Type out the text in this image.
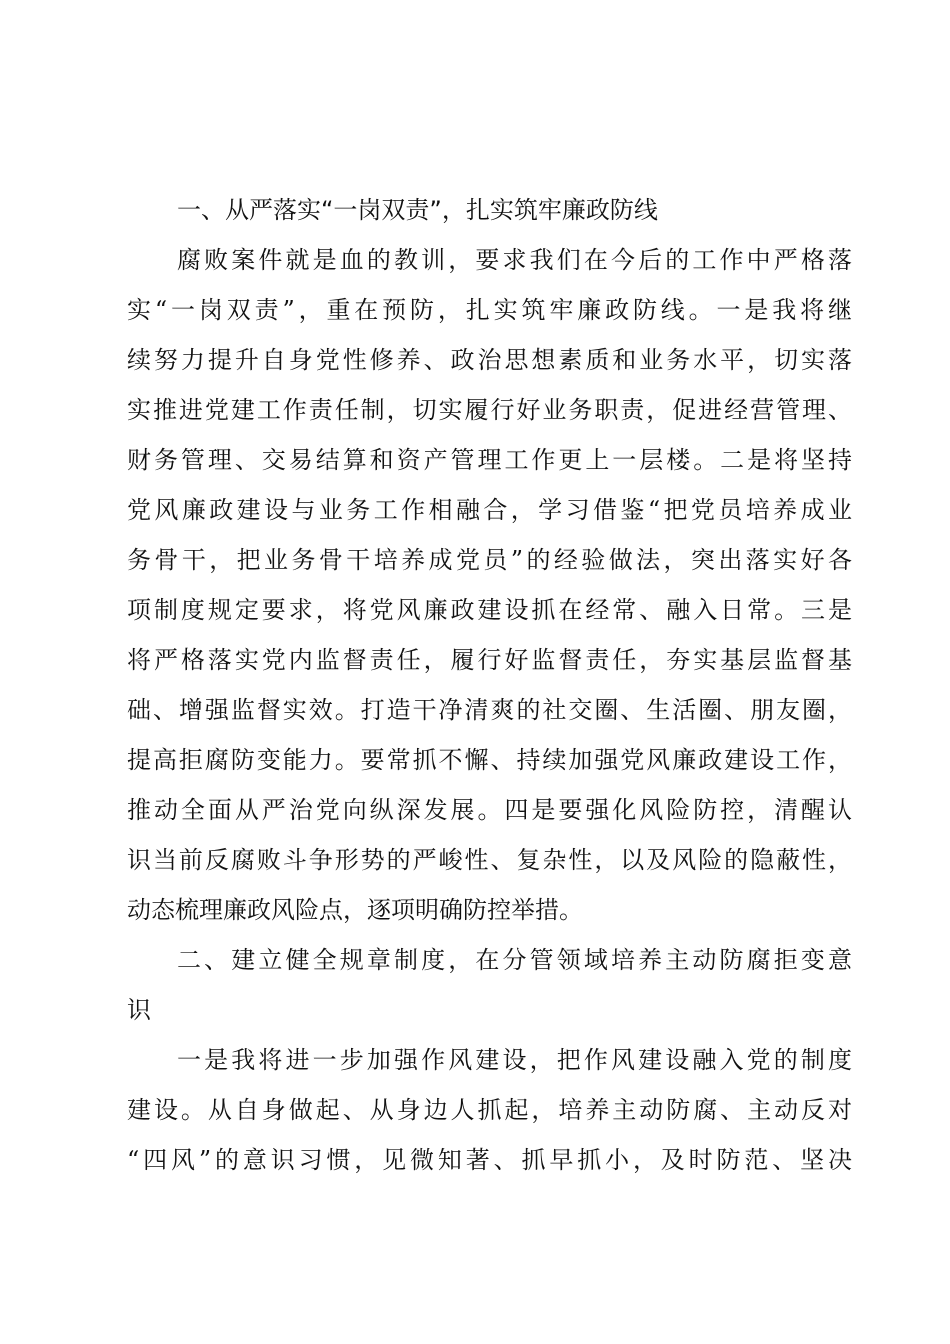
一、从严落实“一岗双责”，扎实筑牢廉政防线
腐败案件就是血的教训，要求我们在今后的工作中严格落
实“一岗双责”，重在预防，扎实筑牢廉政防线。一是我将继
续努力提升自身党性修养、政治思想素质和业务水平，切实落
实推进党建工作责任制，切实履行好业务职责，促进经营管理、
财务管理、交易结算和资产管理工作更上一层楼。二是将坚持
党风廉政建设与业务工作相融合，学习借鉴“把党员培养成业
务骨干，把业务骨干培养成党员”的经验做法，突出落实好各
项制度规定要求，将党风廉政建设抓在经常、融入日常。三是
将严格落实党内监督责任，履行好监督责任，夯实基层监督基
础、增强监督实效。打造干净清爽的社交圈、生活圈、朋友圈，
提高拒腐防变能力。要常抓不懈、持续加强党风廉政建设工作，
推动全面从严治党向纵深发展。四是要强化风险防控，清醒认
识当前反腐败斗争形势的严峻性、复杂性，以及风险的隐蔽性，
动态梳理廉政风险点，逐项明确防控举措。
二、建立健全规章制度，在分管领域培养主动防腐拒变意
识
一是我将进一步加强作风建设，把作风建设融入党的制度
建设。从自身做起、从身边人抓起，培养主动防腐、主动反对
“四风”的意识习惯，见微知著、抓早抓小，及时防范、坚决
